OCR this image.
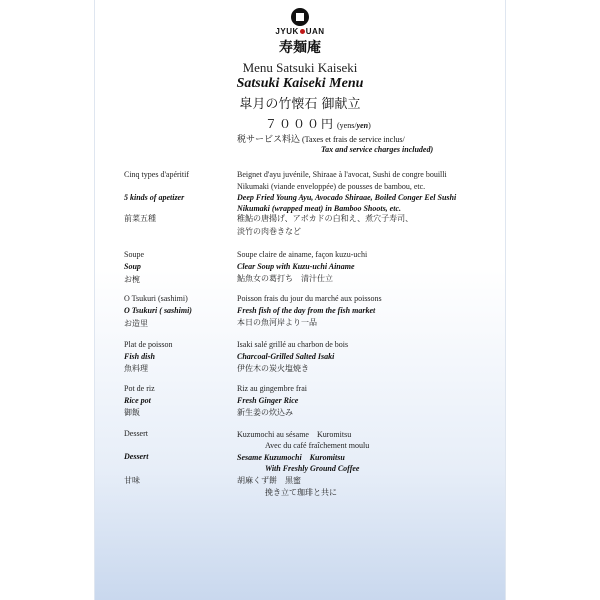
JYUK UAN
寿麺庵
Menu Satsuki Kaiseki
Satsuki Kaiseki Menu
皐月の竹懐石 御献立
７０００円 (yens/yen)
税サービス料込 (Taxes et frais de service inclus/
Tax and service charges included)
Cinq types d'apéritif
5 kinds of apetizer
前菜五種
Beignet d'ayu juvénile, Shiraae à l'avocat, Sushi de congre bouilli
Nikumaki (viande enveloppée) de pousses de bambou, etc.
Deep Fried Young Ayu, Avocado Shiraae, Boiled Conger Eel Sushi
Nikumaki (wrapped meat) in Bamboo Shoots, etc.
稚鮎の唐揚げ、アボカドの白和え、煮穴子寿司、
淡竹の肉巻きなど
Soupe
Soup
お椀
Soupe claire de ainame, façon kuzu-uchi
Clear Soup with Kuzu-uchi Ainame
鮎魚女の葛打ち　清汁仕立
O Tsukuri (sashimi)
O Tsukuri ( sashimi)
お造里
Poisson frais du jour du marché aux poissons
Fresh fish of the day from the fish market
本日の魚河岸より一品
Plat de poisson
Fish dish
魚料理
Isaki salé grillé au charbon de bois
Charcoal-Grilled Salted Isaki
伊佐木の炭火塩焼き
Pot de riz
Rice pot
御飯
Riz au gingembre frai
Fresh Ginger Rice
新生姜の炊込み
Dessert
Dessert
甘味
Kuzumochi au sésame　Kuromitsu
Avec du café fraîchement moulu
Sesame Kuzumochi　Kuromitsu
With Freshly Ground Coffee
胡麻くず餅　黒蜜
挽き立て珈琲と共に
